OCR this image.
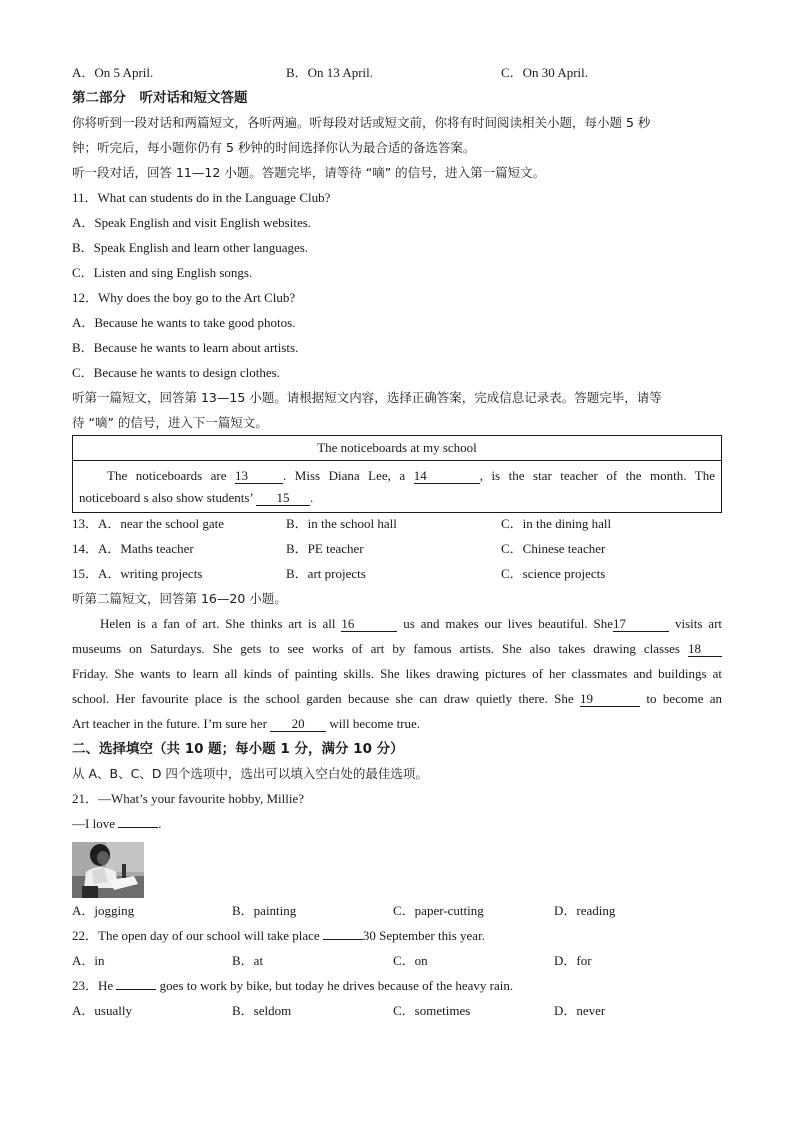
A．On 5 April.	B．On 13 April.	C．On 30 April.
第二部分　听对话和短文答题
你将听到一段对话和两篇短文，各听两遍。听每段对话或短文前，你将有时间阅读相关小题，每小题 5 秒
钟；听完后，每小题你仍有 5 秒钟的时间选择你认为最合适的备选答案。
听一段对话，回答 11—12 小题。答题完毕，请等待 “嘀” 的信号，进入第一篇短文。
11．What can students do in the Language Club?
A．Speak English and visit English websites.
B．Speak English and learn other languages.
C．Listen and sing English songs.
12．Why does the boy go to the Art Club?
A．Because he wants to take good photos.
B．Because he wants to learn about artists.
C．Because he wants to design clothes.
听第一篇短文，回答第 13—15 小题。请根据短文内容，选择正确答案，完成信息记录表。答题完毕，请等
待 “嘀” 的信号，进入下一篇短文。
The noticeboards at my school

The noticeboards are 13	. Miss Diana Lee, a 14	, is the star teacher of the month. The
noticeboard s also show students’ 15 .
13．A．near the school gate	B．in the school hall	C．in the dining hall
14．A．Maths teacher	B．PE teacher	C．Chinese teacher
15．A．writing projects	B．art projects	C．science projects
听第二篇短文，回答第 16—20 小题。
Helen is a fan of art. She thinks art is all 16	us and makes our lives beautiful. She17	visits art
museums on Saturdays. She gets to see works of art by famous artists. She also takes drawing classes 18
Friday. She wants to learn all kinds of painting skills. She likes drawing pictures of her classmates and buildings at
school. Her favourite place is the school garden because she can draw quietly there. She 19	to become an
Art teacher in the future. I’m sure her 20 will become true.
二、选择填空（共 10 题；每小题 1 分，满分 10 分）
从 A、B、C、D 四个选项中，选出可以填入空白处的最佳选项。
21．—What’s your favourite hobby, Millie?
—I love	.
A．jogging	B．painting	C．paper-cutting	D．reading
22．The open day of our school will take place	30 September this year.
A．in	B．at	C．on	D．for
23．He	goes to work by bike, but today he drives because of the heavy rain.
A．usually	B．seldom	C．sometimes	D．never
